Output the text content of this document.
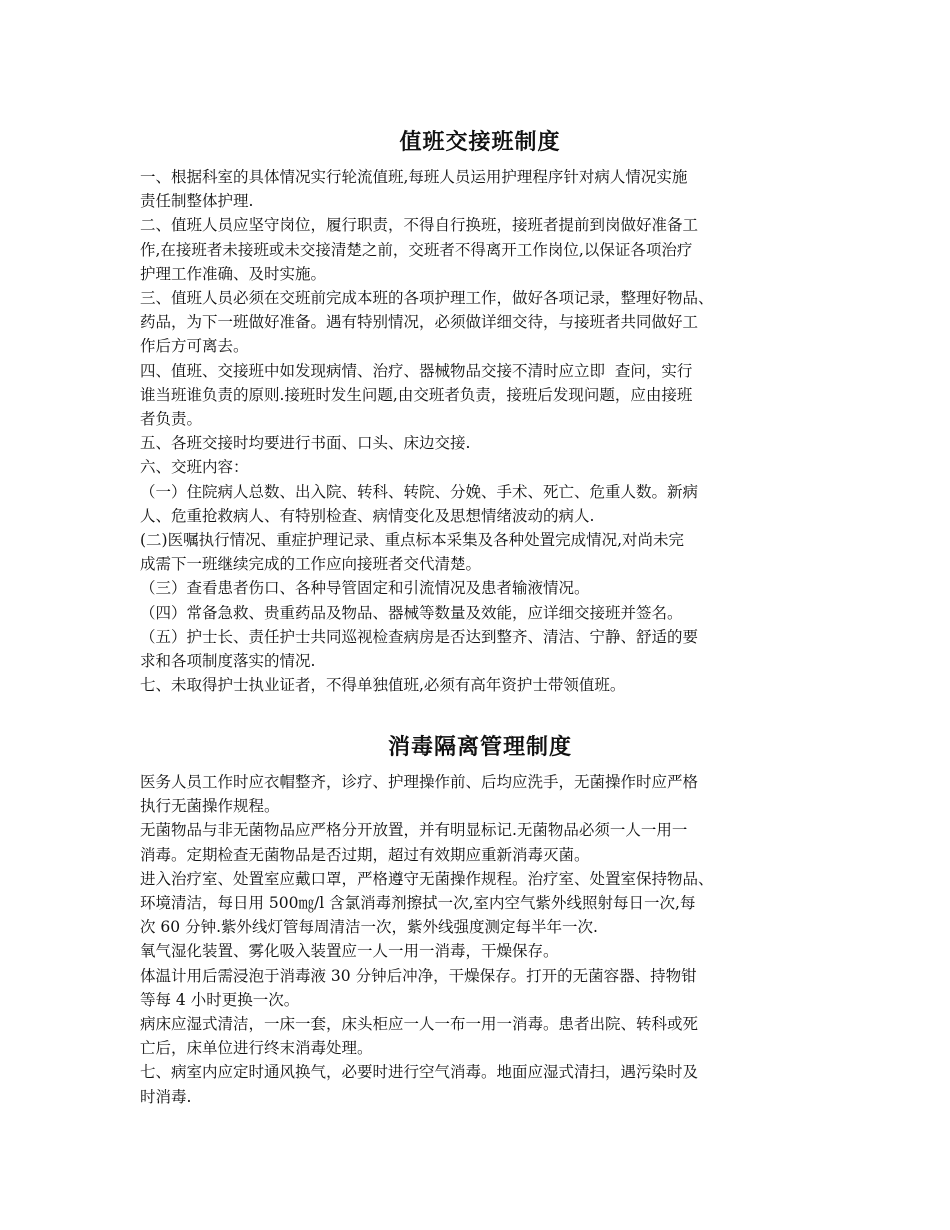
值班交接班制度

一、根据科室的具体情况实行轮流值班,每班人员运用护理程序针对病人情况实施
责任制整体护理.

二、值班人员应坚守岗位，履行职责，不得自行换班，接班者提前到岗做好准备工
作,在接班者未接班或未交接清楚之前，交班者不得离开工作岗位,以保证各项治疗
护理工作准确、及时实施。

三、值班人员必须在交班前完成本班的各项护理工作，做好各项记录，整理好物品、
药品，为下一班做好准备。遇有特别情况，必须做详细交待，与接班者共同做好工
作后方可离去。

四、值班、交接班中如发现病情、治疗、器械物品交接不清时应立即  查问，实行
谁当班谁负责的原则.接班时发生问题,由交班者负责，接班后发现问题，应由接班
者负责。

五、各班交接时均要进行书面、口头、床边交接.

六、交班内容：

（一）住院病人总数、出入院、转科、转院、分娩、手术、死亡、危重人数。新病
人、危重抢救病人、有特别检查、病情变化及思想情绪波动的病人.

(二)医嘱执行情况、重症护理记录、重点标本采集及各种处置完成情况,对尚未完
成需下一班继续完成的工作应向接班者交代清楚。

（三）查看患者伤口、各种导管固定和引流情况及患者输液情况。

（四）常备急救、贵重药品及物品、器械等数量及效能，应详细交接班并签名。

（五）护士长、责任护士共同巡视检查病房是否达到整齐、清洁、宁静、舒适的要
求和各项制度落实的情况.

七、未取得护士执业证者，不得单独值班,必须有高年资护士带领值班。

消毒隔离管理制度

医务人员工作时应衣帽整齐，诊疗、护理操作前、后均应洗手，无菌操作时应严格
执行无菌操作规程。

无菌物品与非无菌物品应严格分开放置，并有明显标记.无菌物品必须一人一用一
消毒。定期检查无菌物品是否过期，超过有效期应重新消毒灭菌。

进入治疗室、处置室应戴口罩，严格遵守无菌操作规程。治疗室、处置室保持物品、
环境清洁，每日用 500㎎/l 含氯消毒剂擦拭一次,室内空气紫外线照射每日一次,每
次 60 分钟.紫外线灯管每周清洁一次，紫外线强度测定每半年一次.

氧气湿化装置、雾化吸入装置应一人一用一消毒，干燥保存。

体温计用后需浸泡于消毒液 30 分钟后冲净，干燥保存。打开的无菌容器、持物钳
等每 4 小时更换一次。

病床应湿式清洁，一床一套，床头柜应一人一布一用一消毒。患者出院、转科或死
亡后，床单位进行终末消毒处理。

七、病室内应定时通风换气，必要时进行空气消毒。地面应湿式清扫，遇污染时及
时消毒.
